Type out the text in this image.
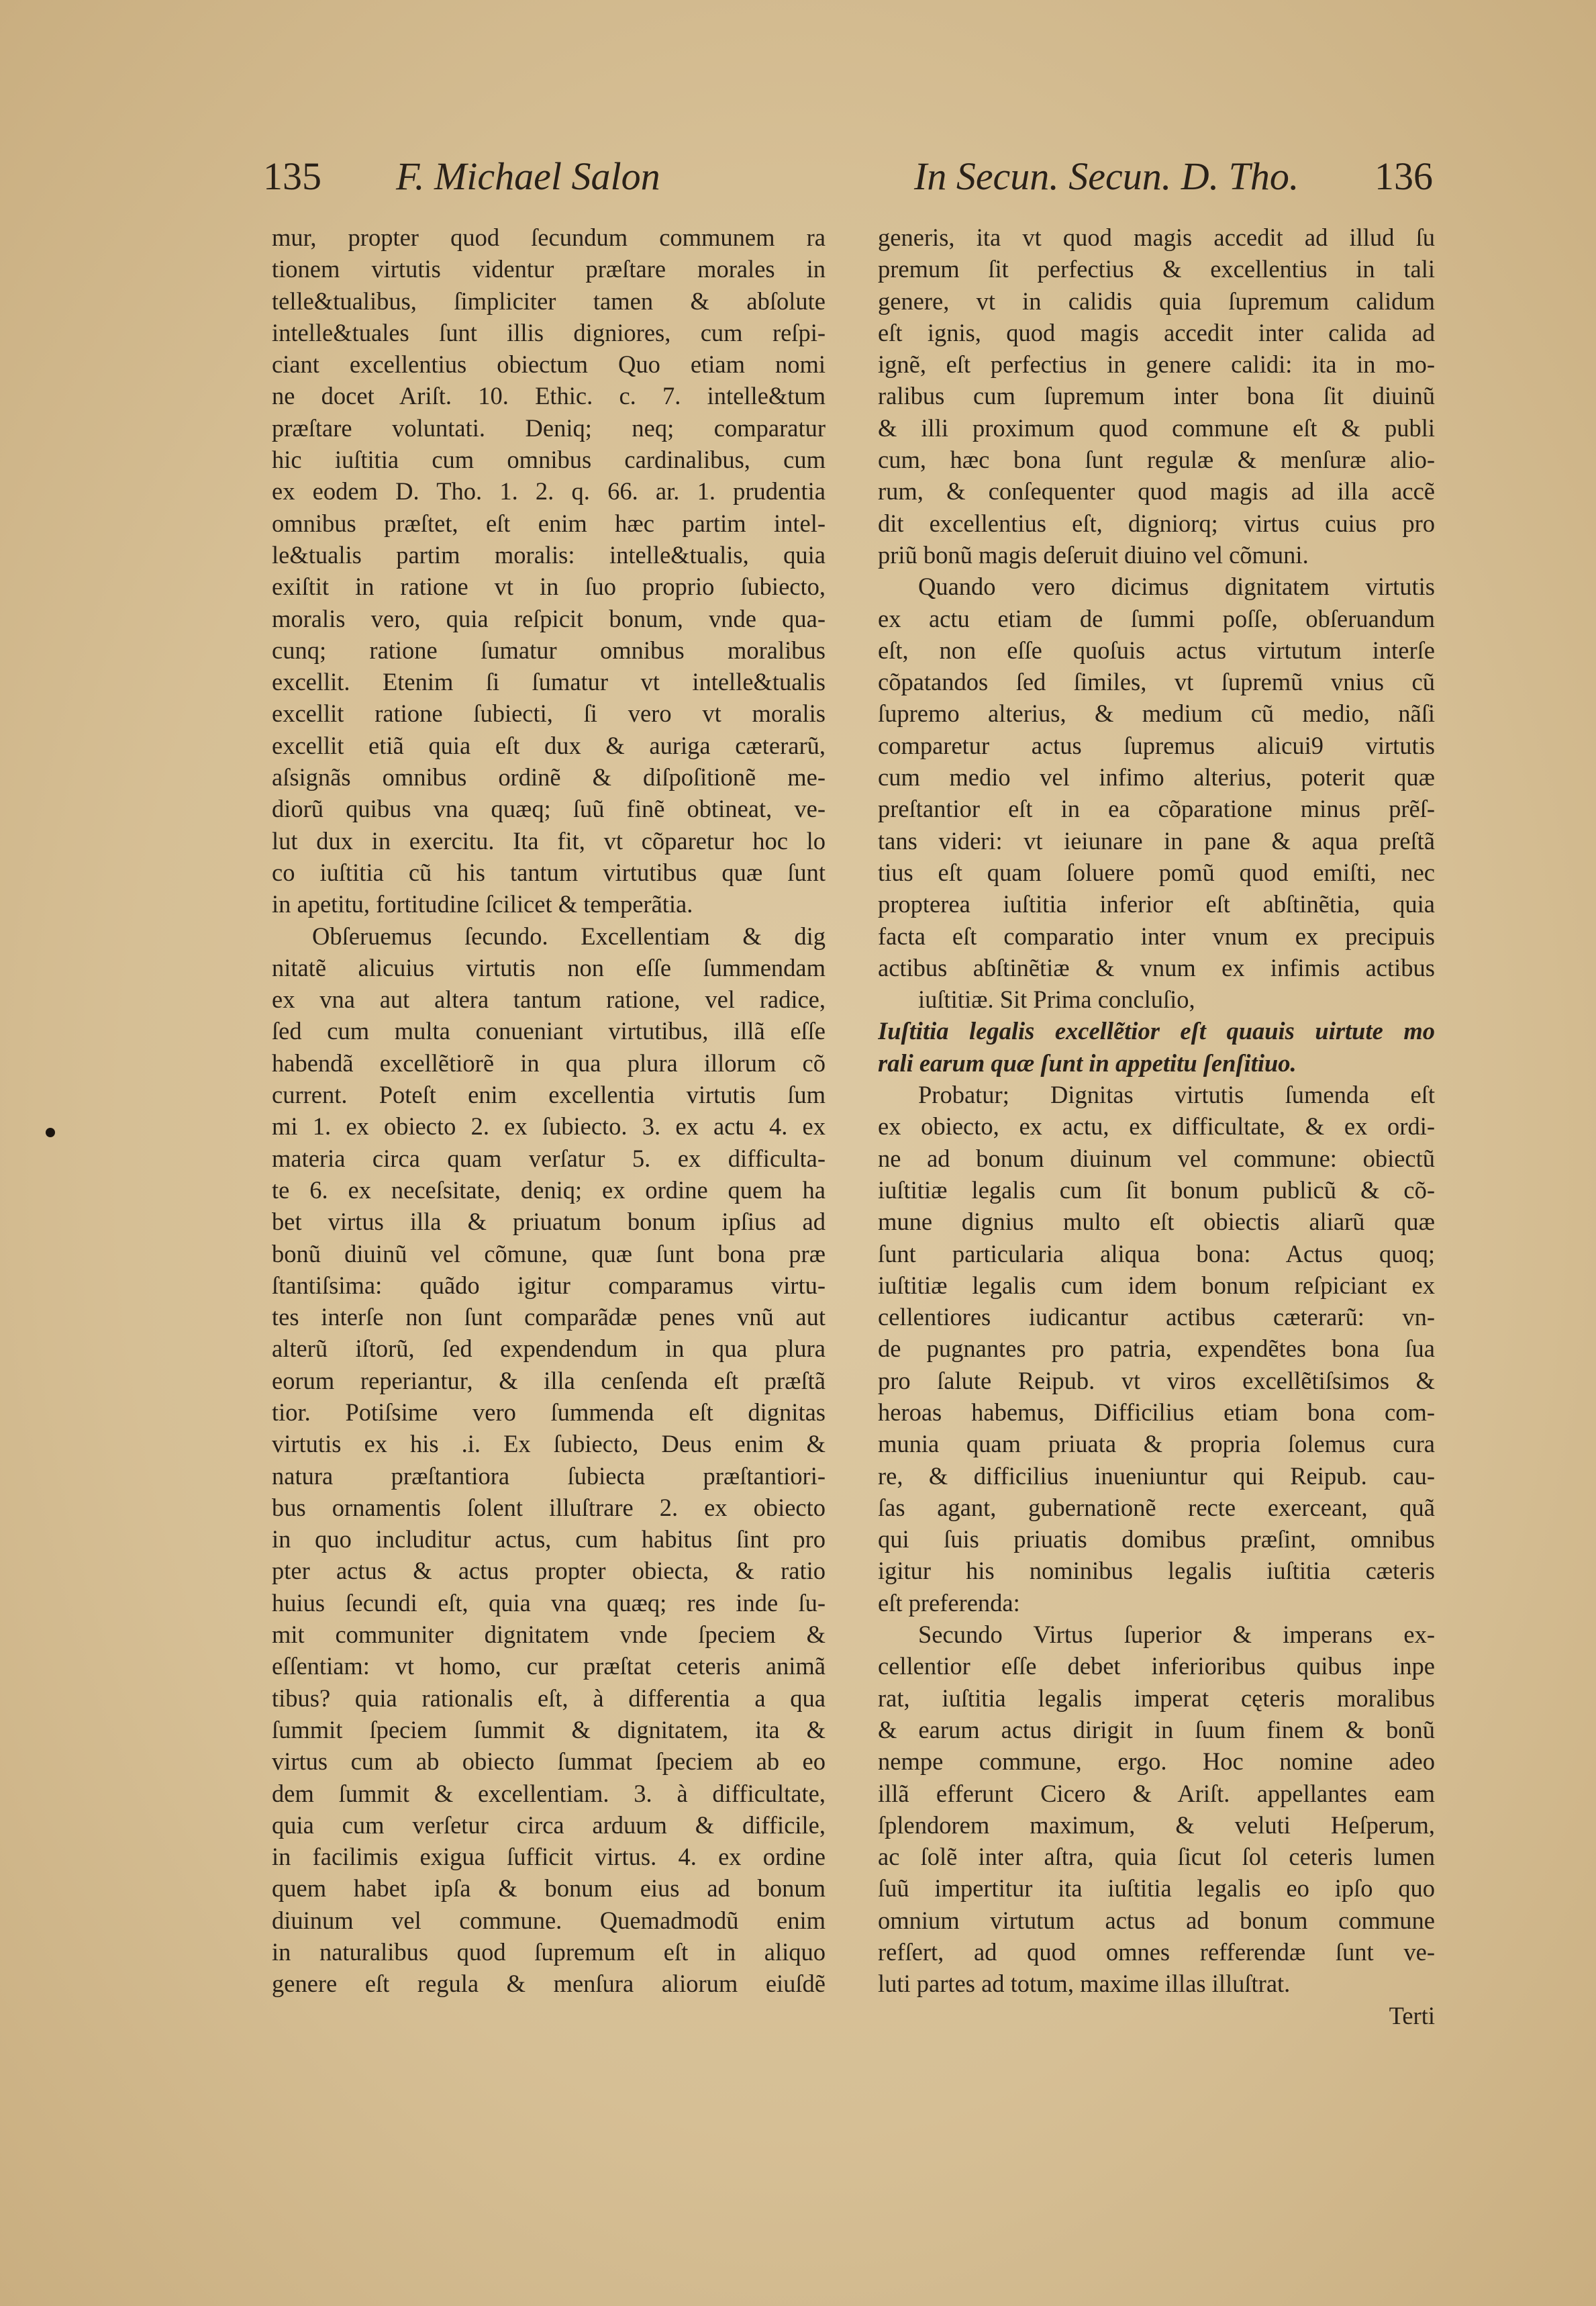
135 F. Michael Salon	In Secun. Secun. D. Tho. 136
mur, propter quod ſecundum communem ra
tionem virtutis videntur præſtare morales in
telle&tualibus, ſimpliciter tamen & abſolute
intelle&tuales ſunt illis digniores, cum reſpi-
ciant excellentius obiectum Quo etiam nomi
ne docet Ariſt. 10. Ethic. c. 7. intelle&tum
præſtare voluntati. Deniq; neq; comparatur
hic iuſtitia cum omnibus cardinalibus, cum
ex eodem D. Tho. 1. 2. q. 66. ar. 1. prudentia
omnibus præſtet, eſt enim hæc partim intel-
le&tualis partim moralis: intelle&tualis, quia
exiſtit in ratione vt in ſuo proprio ſubiecto,
moralis vero, quia reſpicit bonum, vnde qua-
cunq; ratione ſumatur omnibus moralibus
excellit. Etenim ſi ſumatur vt intelle&tualis
excellit ratione ſubiecti, ſi vero vt moralis
excellit etiã quia eſt dux & auriga cæterarũ,
aſsignãs omnibus ordinẽ & diſpoſitionẽ me-
diorũ quibus vna quæq; ſuũ finẽ obtineat, ve-
lut dux in exercitu. Ita fit, vt cõparetur hoc lo
co iuſtitia cũ his tantum virtutibus quæ ſunt
in apetitu, fortitudine ſcilicet & temperãtia.
Obſeruemus ſecundo. Excellentiam & dig
nitatẽ alicuius virtutis non eſſe ſummendam
ex vna aut altera tantum ratione, vel radice,
ſed cum multa conueniant virtutibus, illã eſſe
habendã excellẽtiorẽ in qua plura illorum cõ
current. Poteſt enim excellentia virtutis ſum
mi 1. ex obiecto 2. ex ſubiecto. 3. ex actu 4. ex
materia circa quam verſatur 5. ex difficulta-
te 6. ex neceſsitate, deniq; ex ordine quem ha
bet virtus illa & priuatum bonum ipſius ad
bonũ diuinũ vel cõmune, quæ ſunt bona præ
ſtantiſsima: quãdo igitur comparamus virtu-
tes interſe non ſunt comparãdæ penes vnũ aut
alterũ iſtorũ, ſed expendendum in qua plura
eorum reperiantur, & illa cenſenda eſt præſtã
tior. Potiſsime vero ſummenda eſt dignitas
virtutis ex his .i. Ex ſubiecto, Deus enim &
natura præſtantiora ſubiecta præſtantiori-
bus ornamentis ſolent illuſtrare 2. ex obiecto
in quo includitur actus, cum habitus ſint pro
pter actus & actus propter obiecta, & ratio
huius ſecundi eſt, quia vna quæq; res inde ſu-
mit communiter dignitatem vnde ſpeciem &
eſſentiam: vt homo, cur præſtat ceteris animã
tibus? quia rationalis eſt, à differentia a qua
ſummit ſpeciem ſummit & dignitatem, ita &
virtus cum ab obiecto ſummat ſpeciem ab eo
dem ſummit & excellentiam. 3. à difficultate,
quia cum verſetur circa arduum & difficile,
in facilimis exigua ſufficit virtus. 4. ex ordine
quem habet ipſa & bonum eius ad bonum
diuinum vel commune. Quemadmodũ enim
in naturalibus quod ſupremum eſt in aliquo
genere eſt regula & menſura aliorum eiuſdẽ
generis, ita vt quod magis accedit ad illud ſu
premum ſit perfectius & excellentius in tali
genere, vt in calidis quia ſupremum calidum
eſt ignis, quod magis accedit inter calida ad
ignẽ, eſt perfectius in genere calidi: ita in mo-
ralibus cum ſupremum inter bona ſit diuinũ
& illi proximum quod commune eſt & publi
cum, hæc bona ſunt regulæ & menſuræ alio-
rum, & conſequenter quod magis ad illa accẽ
dit excellentius eſt, digniorq; virtus cuius pro
priũ bonũ magis deſeruit diuino vel cõmuni.
Quando vero dicimus dignitatem virtutis
ex actu etiam de ſummi poſſe, obſeruandum
eſt, non eſſe quoſuis actus virtutum interſe
cõpatandos ſed ſimiles, vt ſupremũ vnius cũ
ſupremo alterius, & medium cũ medio, nãſi
comparetur actus ſupremus alicui9 virtutis
cum medio vel infimo alterius, poterit quæ
preſtantior eſt in ea cõparatione minus prẽſ-
tans videri: vt ieiunare in pane & aqua preſtã
tius eſt quam ſoluere pomũ quod emiſti, nec
propterea iuſtitia inferior eſt abſtinẽtia, quia
facta eſt comparatio inter vnum ex precipuis
actibus abſtinẽtiæ & vnum ex infimis actibus
iuſtitiæ. Sit Prima concluſio,
Iuſtitia legalis excellẽtior eſt quauis uirtute mo
rali earum quæ ſunt in appetitu ſenſitiuo.
Probatur; Dignitas virtutis ſumenda eſt
ex obiecto, ex actu, ex difficultate, & ex ordi-
ne ad bonum diuinum vel commune: obiectũ
iuſtitiæ legalis cum ſit bonum publicũ & cõ-
mune dignius multo eſt obiectis aliarũ quæ
ſunt particularia aliqua bona: Actus quoq;
iuſtitiæ legalis cum idem bonum reſpiciant ex
cellentiores iudicantur actibus cæterarũ: vn-
de pugnantes pro patria, expendẽtes bona ſua
pro ſalute Reipub. vt viros excellẽtiſsimos &
heroas habemus, Difficilius etiam bona com-
munia quam priuata & propria ſolemus cura
re, & difficilius inueniuntur qui Reipub. cau-
ſas agant, gubernationẽ recte exerceant, quã
qui ſuis priuatis domibus præſint, omnibus
igitur his nominibus legalis iuſtitia cæteris
eſt preferenda:
Secundo Virtus ſuperior & imperans ex-
cellentior eſſe debet inferioribus quibus inpe
rat, iuſtitia legalis imperat cęteris moralibus
& earum actus dirigit in ſuum finem & bonũ
nempe commune, ergo. Hoc nomine adeo
illã efferunt Cicero & Ariſt. appellantes eam
ſplendorem maximum, & veluti Heſperum,
ac ſolẽ inter aſtra, quia ſicut ſol ceteris lumen
ſuũ impertitur ita iuſtitia legalis eo ipſo quo
omnium virtutum actus ad bonum commune
refſert, ad quod omnes refferendæ ſunt ve-
luti partes ad totum, maxime illas illuſtrat.
Terti
